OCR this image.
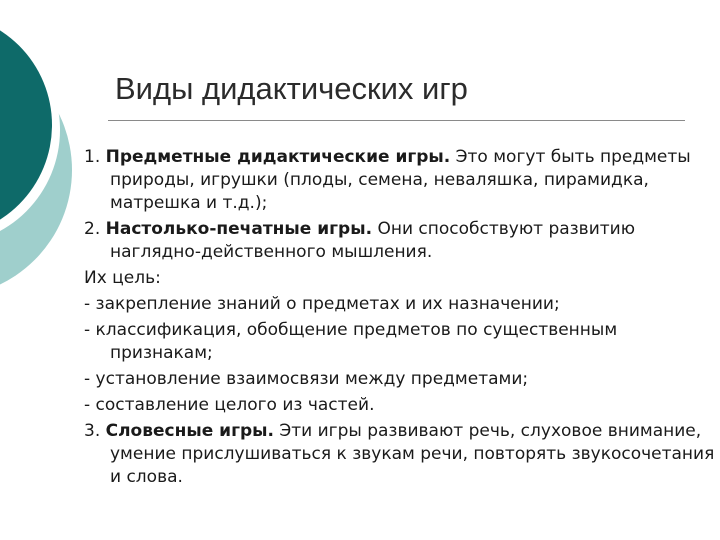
Виды дидактических игр

1. Предметные дидактические игры. Это могут быть предметы природы, игрушки (плоды, семена, неваляшка, пирамидка, матрешка и т.д.);

2. Настолько-печатные игры. Они способствуют развитию наглядно-действенного мышления.

Их цель:

- закрепление знаний о предметах и их назначении;

- классификация, обобщение предметов по существенным признакам;

- установление взаимосвязи между предметами;

- составление целого из частей.

3. Словесные игры. Эти игры развивают речь, слуховое внимание, умение прислушиваться к звукам речи, повторять звукосочетания и слова.
